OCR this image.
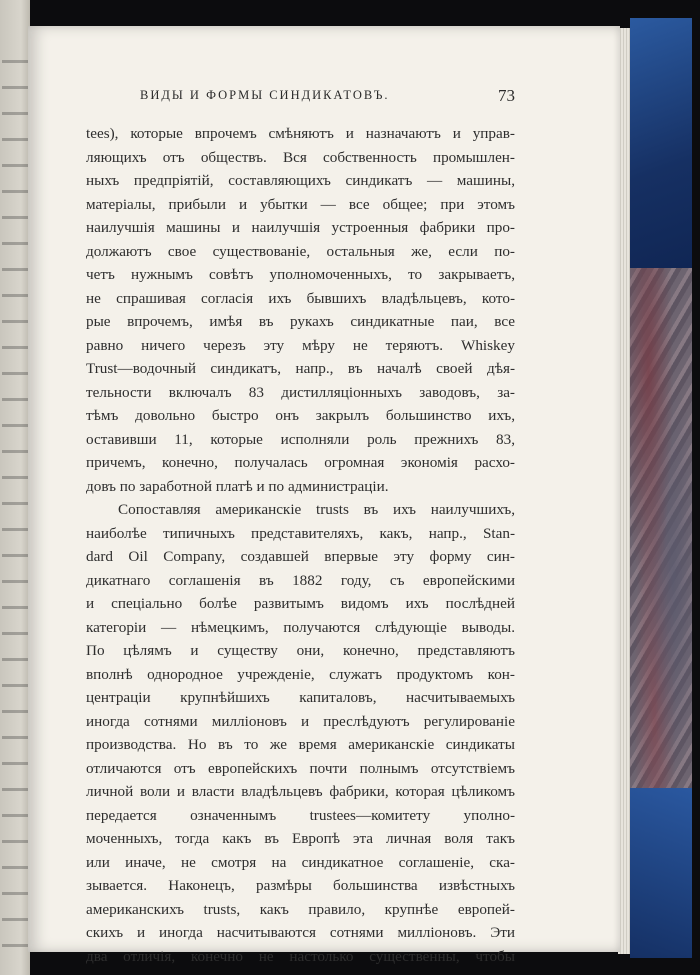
ВИДЫ И ФОРМЫ СИНДИКАТОВЪ.	73
tees), которые впрочемъ смѣняютъ и назначаютъ и управ-
ляющихъ отъ обществъ. Вся собственность промышлен-
ныхъ предпріятій, составляющихъ синдикатъ — машины,
матеріалы, прибыли и убытки — все общее; при этомъ
наилучшія машины и наилучшія устроенныя фабрики про-
должаютъ свое существованіе, остальныя же, если по-
четъ нужнымъ совѣтъ уполномоченныхъ, то закрываетъ,
не спрашивая согласія ихъ бывшихъ владѣльцевъ, кото-
рые впрочемъ, имѣя въ рукахъ синдикатные паи, все
равно ничего черезъ эту мѣру не теряютъ. Whiskey
Trust—водочный синдикатъ, напр., въ началѣ своей дѣя-
тельности включалъ 83 дистилляціонныхъ заводовъ, за-
тѣмъ довольно быстро онъ закрылъ большинство ихъ,
оставивши 11, которые исполняли роль прежнихъ 83,
причемъ, конечно, получалась огромная экономія расхо-
довъ по заработной платѣ и по администраціи.
Сопоставляя американскіе trusts въ ихъ наилучшихъ,
наиболѣе типичныхъ представителяхъ, какъ, напр., Stan-
dard Oil Company, создавшей впервые эту форму син-
дикатнаго соглашенія въ 1882 году, съ европейскими
и спеціально болѣе развитымъ видомъ ихъ послѣдней
категоріи — нѣмецкимъ, получаются слѣдующіе выводы.
По цѣлямъ и существу они, конечно, представляютъ
вполнѣ однородное учрежденіе, служатъ продуктомъ кон-
центраціи крупнѣйшихъ капиталовъ, насчитываемыхъ
иногда сотнями милліоновъ и преслѣдуютъ регулированіе
производства. Но въ то же время американскіе синдикаты
отличаются отъ европейскихъ почти полнымъ отсутствіемъ
личной воли и власти владѣльцевъ фабрики, которая цѣликомъ
передается означеннымъ trustees—комитету уполно-
моченныхъ, тогда какъ въ Европѣ эта личная воля такъ
или иначе, не смотря на синдикатное соглашеніе, ска-
зывается. Наконецъ, размѣры большинства извѣстныхъ
американскихъ trusts, какъ правило, крупнѣе европей-
скихъ и иногда насчитываются сотнями милліоновъ. Эти
два отличія, конечно не настолько существенны, чтобы
